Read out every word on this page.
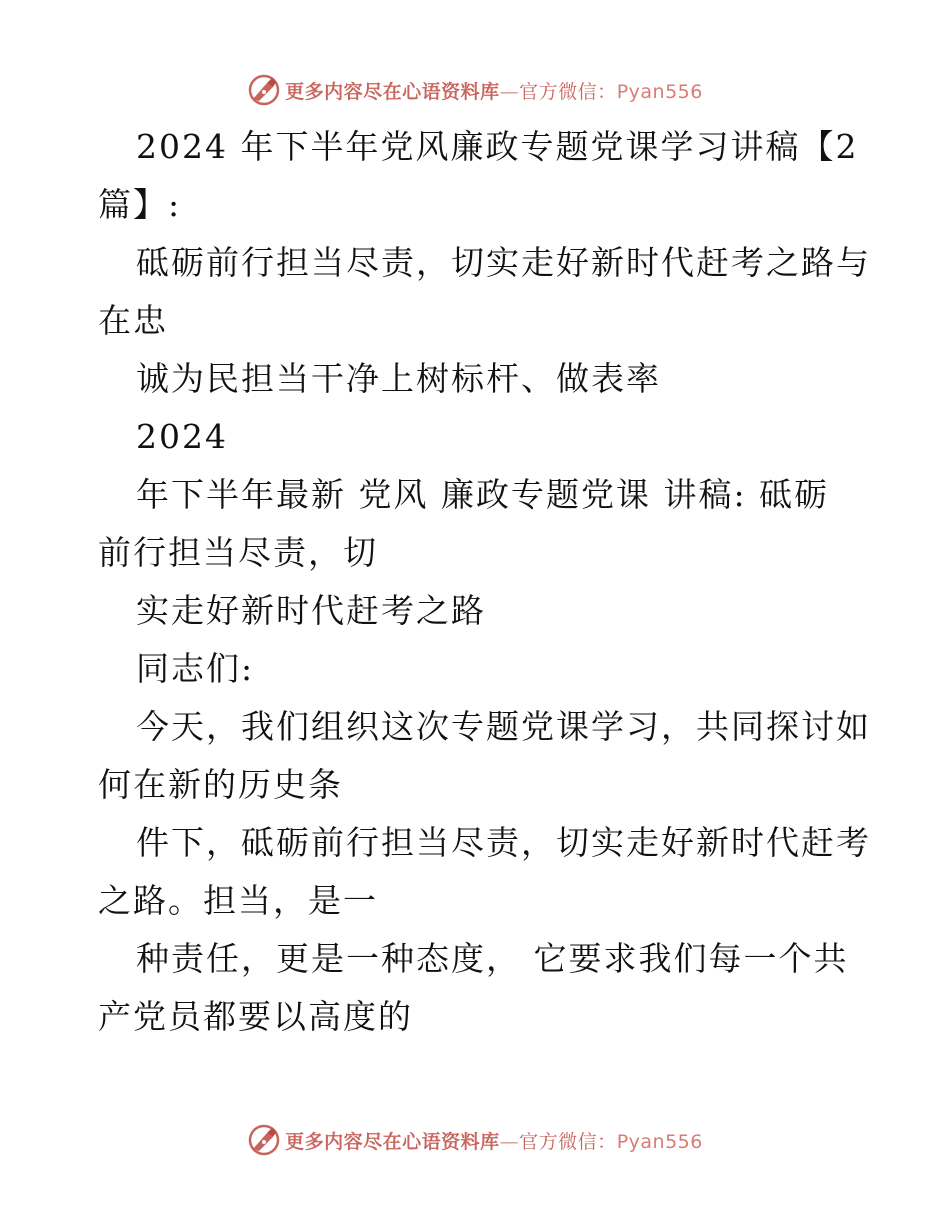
更多内容尽在心语资料库—官方微信：Pyan556
2024 年下半年党风廉政专题党课学习讲稿【2
篇】:
砥砺前行担当尽责，切实走好新时代赶考之路与
在忠
诚为民担当干净上树标杆、做表率
2024
年下半年最新 党风 廉政专题党课 讲稿: 砥砺
前行担当尽责，切
实走好新时代赶考之路
同志们:
今天，我们组织这次专题党课学习，共同探讨如
何在新的历史条
件下，砥砺前行担当尽责，切实走好新时代赶考
之路。担当，是一
种责任，更是一种态度， 它要求我们每一个共
产党员都要以高度的
更多内容尽在心语资料库—官方微信：Pyan556
